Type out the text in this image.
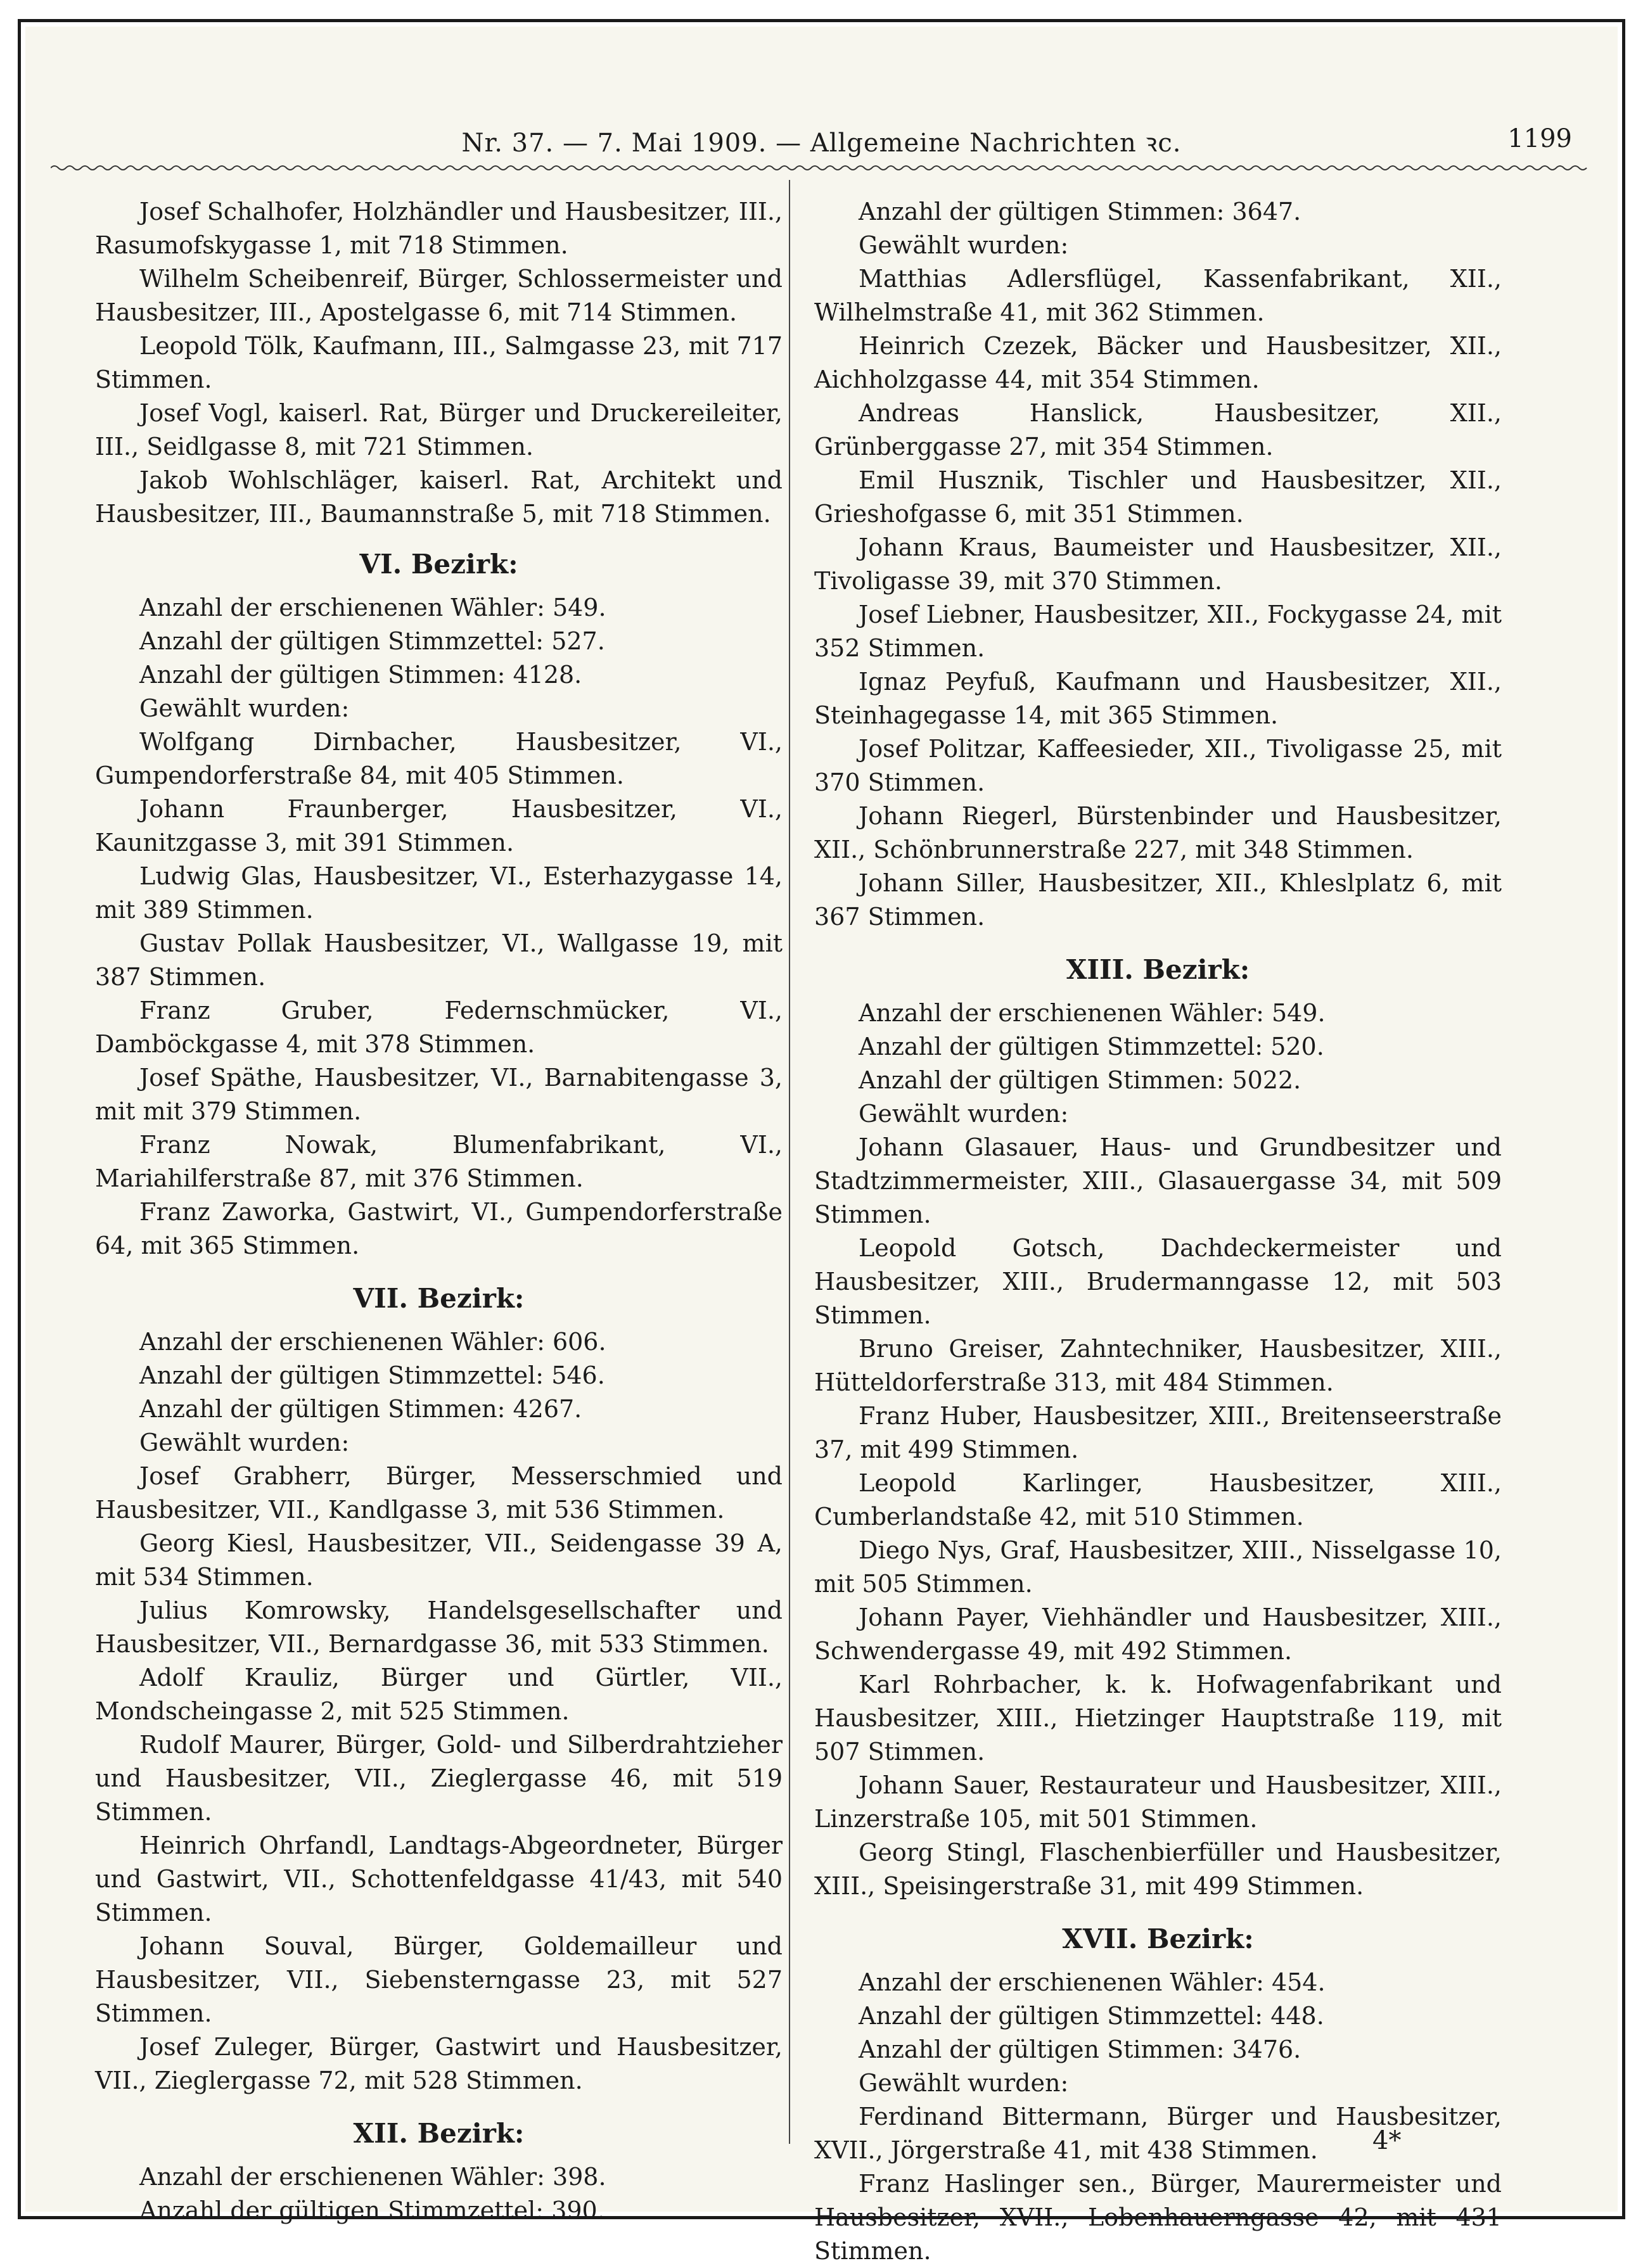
Nr. 37. — 7. Mai 1909. — Allgemeine Nachrichten ꝛc.	1199

Josef Schalhofer, Holzhändler und Hausbesitzer, III., Rasumofskygasse 1, mit 718 Stimmen.

Wilhelm Scheibenreif, Bürger, Schlossermeister und Hausbesitzer, III., Apostelgasse 6, mit 714 Stimmen.

Leopold Tölk, Kaufmann, III., Salmgasse 23, mit 717 Stimmen.

Josef Vogl, kaiserl. Rat, Bürger und Druckereileiter, III., Seidlgasse 8, mit 721 Stimmen.

Jakob Wohlschläger, kaiserl. Rat, Architekt und Hausbesitzer, III., Baumannstraße 5, mit 718 Stimmen.

VI. Bezirk:

Anzahl der erschienenen Wähler: 549.

Anzahl der gültigen Stimmzettel: 527.

Anzahl der gültigen Stimmen: 4128.

Gewählt wurden:

Wolfgang Dirnbacher, Hausbesitzer, VI., Gumpendorferstraße 84, mit 405 Stimmen.

Johann Fraunberger, Hausbesitzer, VI., Kaunitzgasse 3, mit 391 Stimmen.

Ludwig Glas, Hausbesitzer, VI., Esterhazygasse 14, mit 389 Stimmen.

Gustav Pollak Hausbesitzer, VI., Wallgasse 19, mit 387 Stimmen.

Franz Gruber, Federnschmücker, VI., Damböckgasse 4, mit 378 Stimmen.

Josef Späthe, Hausbesitzer, VI., Barnabitengasse 3, mit mit 379 Stimmen.

Franz Nowak, Blumenfabrikant, VI., Mariahilferstraße 87, mit 376 Stimmen.

Franz Zaworka, Gastwirt, VI., Gumpendorferstraße 64, mit 365 Stimmen.

VII. Bezirk:

Anzahl der erschienenen Wähler: 606.

Anzahl der gültigen Stimmzettel: 546.

Anzahl der gültigen Stimmen: 4267.

Gewählt wurden:

Josef Grabherr, Bürger, Messerschmied und Hausbesitzer, VII., Kandlgasse 3, mit 536 Stimmen.

Georg Kiesl, Hausbesitzer, VII., Seidengasse 39 A, mit 534 Stimmen.

Julius Komrowsky, Handelsgesellschafter und Hausbesitzer, VII., Bernardgasse 36, mit 533 Stimmen.

Adolf Krauliz, Bürger und Gürtler, VII., Mondscheingasse 2, mit 525 Stimmen.

Rudolf Maurer, Bürger, Gold- und Silberdrahtzieher und Hausbesitzer, VII., Zieglergasse 46, mit 519 Stimmen.

Heinrich Ohrfandl, Landtags-Abgeordneter, Bürger und Gastwirt, VII., Schottenfeldgasse 41/43, mit 540 Stimmen.

Johann Souval, Bürger, Goldemailleur und Hausbesitzer, VII., Siebensterngasse 23, mit 527 Stimmen.

Josef Zuleger, Bürger, Gastwirt und Hausbesitzer, VII., Zieglergasse 72, mit 528 Stimmen.

XII. Bezirk:

Anzahl der erschienenen Wähler: 398.

Anzahl der gültigen Stimmzettel: 390.

Anzahl der gültigen Stimmen: 3647.

Gewählt wurden:

Matthias Adlersflügel, Kassenfabrikant, XII., Wilhelmstraße 41, mit 362 Stimmen.

Heinrich Czezek, Bäcker und Hausbesitzer, XII., Aichholzgasse 44, mit 354 Stimmen.

Andreas Hanslick, Hausbesitzer, XII., Grünberggasse 27, mit 354 Stimmen.

Emil Husznik, Tischler und Hausbesitzer, XII., Grieshofgasse 6, mit 351 Stimmen.

Johann Kraus, Baumeister und Hausbesitzer, XII., Tivoligasse 39, mit 370 Stimmen.

Josef Liebner, Hausbesitzer, XII., Fockygasse 24, mit 352 Stimmen.

Ignaz Peyfuß, Kaufmann und Hausbesitzer, XII., Steinhagegasse 14, mit 365 Stimmen.

Josef Politzar, Kaffeesieder, XII., Tivoligasse 25, mit 370 Stimmen.

Johann Riegerl, Bürstenbinder und Hausbesitzer, XII., Schönbrunnerstraße 227, mit 348 Stimmen.

Johann Siller, Hausbesitzer, XII., Khleslplatz 6, mit 367 Stimmen.

XIII. Bezirk:

Anzahl der erschienenen Wähler: 549.

Anzahl der gültigen Stimmzettel: 520.

Anzahl der gültigen Stimmen: 5022.

Gewählt wurden:

Johann Glasauer, Haus- und Grundbesitzer und Stadtzimmermeister, XIII., Glasauergasse 34, mit 509 Stimmen.

Leopold Gotsch, Dachdeckermeister und Hausbesitzer, XIII., Brudermanngasse 12, mit 503 Stimmen.

Bruno Greiser, Zahntechniker, Hausbesitzer, XIII., Hütteldorferstraße 313, mit 484 Stimmen.

Franz Huber, Hausbesitzer, XIII., Breitenseerstraße 37, mit 499 Stimmen.

Leopold Karlinger, Hausbesitzer, XIII., Cumberlandstaße 42, mit 510 Stimmen.

Diego Nys, Graf, Hausbesitzer, XIII., Nisselgasse 10, mit 505 Stimmen.

Johann Payer, Viehhändler und Hausbesitzer, XIII., Schwendergasse 49, mit 492 Stimmen.

Karl Rohrbacher, k. k. Hofwagenfabrikant und Hausbesitzer, XIII., Hietzinger Hauptstraße 119, mit 507 Stimmen.

Johann Sauer, Restaurateur und Hausbesitzer, XIII., Linzerstraße 105, mit 501 Stimmen.

Georg Stingl, Flaschenbierfüller und Hausbesitzer, XIII., Speisingerstraße 31, mit 499 Stimmen.

XVII. Bezirk:

Anzahl der erschienenen Wähler: 454.

Anzahl der gültigen Stimmzettel: 448.

Anzahl der gültigen Stimmen: 3476.

Gewählt wurden:

Ferdinand Bittermann, Bürger und Hausbesitzer, XVII., Jörgerstraße 41, mit 438 Stimmen.

Franz Haslinger sen., Bürger, Maurermeister und Hausbesitzer, XVII., Lobenhauerngasse 42, mit 431 Stimmen.

4*
